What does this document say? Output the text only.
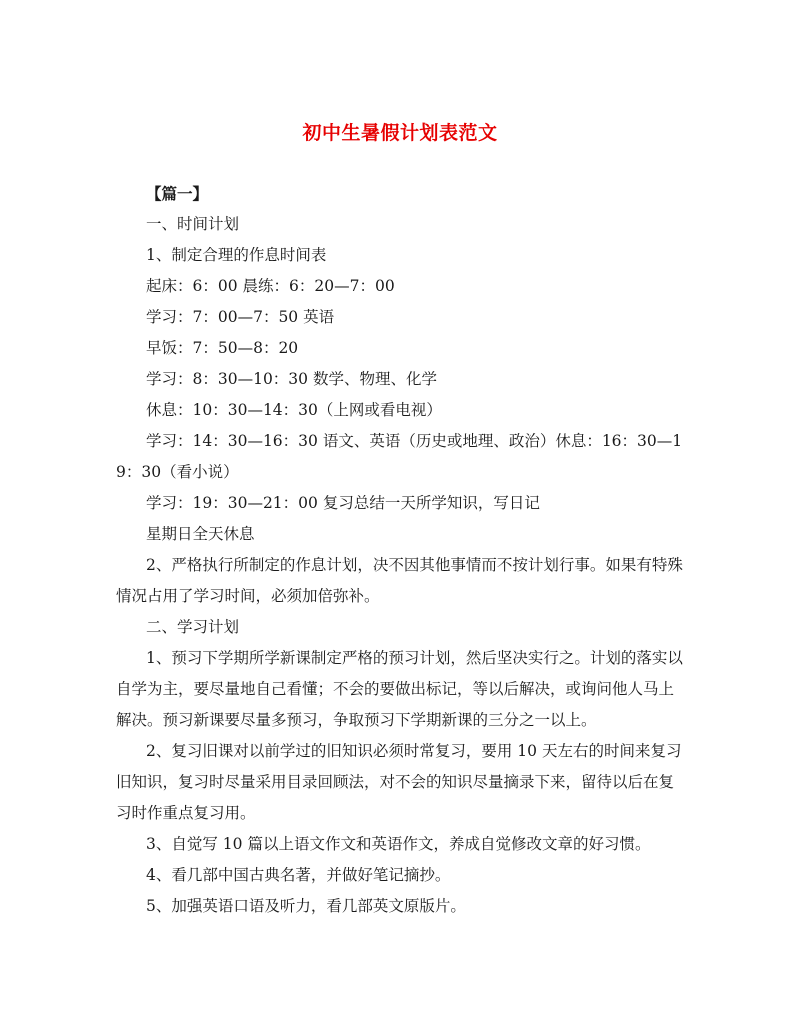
初中生暑假计划表范文
【篇一】
一、时间计划
1、制定合理的作息时间表
起床：6：00 晨练：6：20—7：00
学习：7：00—7：50 英语
早饭：7：50—8：20
学习：8：30—10：30 数学、物理、化学
休息：10：30—14：30（上网或看电视）
学习：14：30—16：30 语文、英语（历史或地理、政治）休息：16：30—19：30（看小说）
学习：19：30—21：00 复习总结一天所学知识，写日记
星期日全天休息
2、严格执行所制定的作息计划，决不因其他事情而不按计划行事。如果有特殊情况占用了学习时间，必须加倍弥补。
二、学习计划
1、预习下学期所学新课制定严格的预习计划，然后坚决实行之。计划的落实以自学为主，要尽量地自己看懂；不会的要做出标记，等以后解决，或询问他人马上解决。预习新课要尽量多预习，争取预习下学期新课的三分之一以上。
2、复习旧课对以前学过的旧知识必须时常复习，要用 10 天左右的时间来复习旧知识，复习时尽量采用目录回顾法，对不会的知识尽量摘录下来，留待以后在复习时作重点复习用。
3、自觉写 10 篇以上语文作文和英语作文，养成自觉修改文章的好习惯。
4、看几部中国古典名著，并做好笔记摘抄。
5、加强英语口语及听力，看几部英文原版片。
